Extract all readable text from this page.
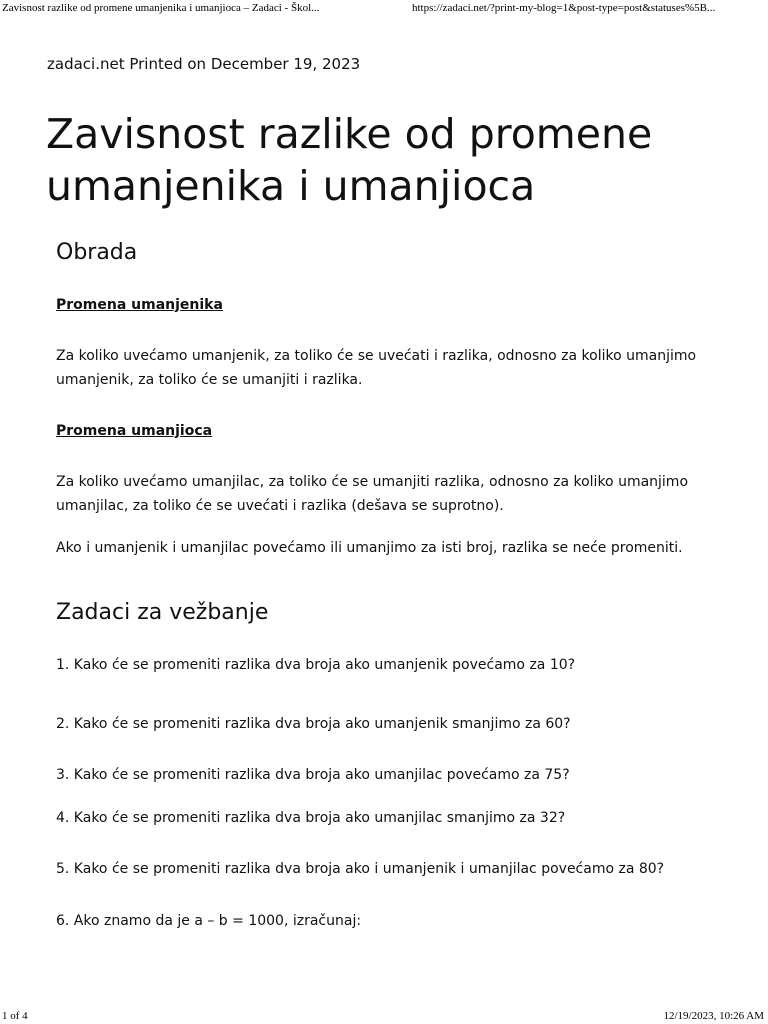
Zavisnost razlike od promene umanjenika i umanjioca – Zadaci - Škol...	https://zadaci.net/?print-my-blog=1&post-type=post&statuses%5B...
zadaci.net Printed on December 19, 2023
Zavisnost razlike od promene umanjenika i umanjioca
Obrada
Promena umanjenika
Za koliko uvećamo umanjenik, za toliko će se uvećati i razlika, odnosno za koliko umanjimo umanjenik, za toliko će se umanjiti i razlika.
Promena umanjioca
Za koliko uvećamo umanjilac, za toliko će se umanjiti razlika, odnosno za koliko umanjimo umanjilac, za toliko će se uvećati i razlika (dešava se suprotno).
Ako i umanjenik i umanjilac povećamo ili umanjimo za isti broj, razlika se neće promeniti.
Zadaci za vežbanje
1. Kako će se promeniti razlika dva broja ako umanjenik povećamo za 10?
2. Kako će se promeniti razlika dva broja ako umanjenik smanjimo za 60?
3. Kako će se promeniti razlika dva broja ako umanjilac povećamo za 75?
4. Kako će se promeniti razlika dva broja ako umanjilac smanjimo za 32?
5. Kako će se promeniti razlika dva broja ako i umanjenik i umanjilac povećamo za 80?
6. Ako znamo da je a – b = 1000, izračunaj:
1 of 4	12/19/2023, 10:26 AM
